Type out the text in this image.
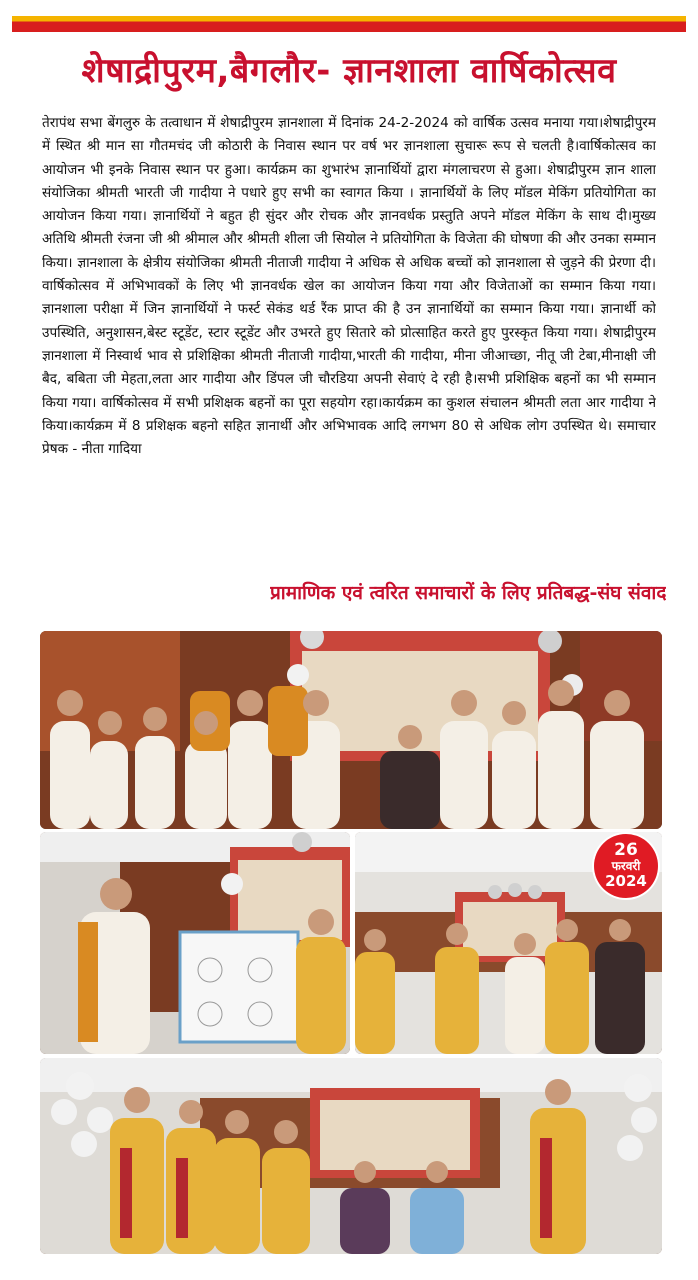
शेषाद्रीपुरम,बैगलौर- ज्ञानशाला वार्षिकोत्सव
तेरापंथ सभा बेंगलुरु के तत्वाधान में शेषाद्रीपुरम ज्ञानशाला में दिनांक 24-2-2024 को वार्षिक उत्सव मनाया गया।शेषाद्रीपुरम में स्थित श्री मान सा गौतमचंद जी कोठारी के निवास स्थान पर वर्ष भर ज्ञानशाला सुचारू रूप से चलती है।वार्षिकोत्सव का आयोजन भी इनके निवास स्थान पर हुआ। कार्यक्रम का शुभारंभ ज्ञानार्थियों द्वारा मंगलाचरण से हुआ। शेषाद्रीपुरम ज्ञान शाला संयोजिका श्रीमती भारती जी गादीया ने पधारे हुए सभी का स्वागत किया । ज्ञानार्थियों के लिए मॉडल मेकिंग प्रतियोगिता का आयोजन किया गया। ज्ञानार्थियों ने बहुत ही सुंदर और रोचक और ज्ञानवर्धक प्रस्तुति अपने मॉडल मेकिंग के साथ दी।मुख्य अतिथि श्रीमती रंजना जी श्री श्रीमाल और श्रीमती शीला जी सियोल ने प्रतियोगिता के विजेता की घोषणा की और उनका सम्मान किया। ज्ञानशाला के क्षेत्रीय संयोजिका श्रीमती नीताजी गादीया ने अधिक से अधिक बच्चों को ज्ञानशाला से जुड़ने की प्रेरणा दी।वार्षिकोत्सव में अभिभावकों के लिए भी ज्ञानवर्धक खेल का आयोजन किया गया और विजेताओं का सम्मान किया गया। ज्ञानशाला परीक्षा में जिन ज्ञानार्थियों ने फर्स्ट सेकंड थर्ड रैंक प्राप्त की है उन ज्ञानार्थियों का सम्मान किया गया। ज्ञानार्थी को उपस्थिति, अनुशासन,बेस्ट स्टूडेंट, स्टार स्टूडेंट और उभरते हुए सितारे को प्रोत्साहित करते हुए पुरस्कृत किया गया। शेषाद्रीपुरम ज्ञानशाला में निस्वार्थ भाव से प्रशिक्षिका श्रीमती नीताजी गादीया,भारती की गादीया, मीना जीआच्छा, नीतू जी टेबा,मीनाक्षी जी बैद, बबिता जी मेहता,लता आर गादीया और डिंपल जी चौरडिया अपनी सेवाएं दे रही है।सभी प्रशिक्षिक बहनों का भी सम्मान किया गया। वार्षिकोत्सव में सभी प्रशिक्षक बहनों का पूरा सहयोग रहा।कार्यक्रम का कुशल संचालन श्रीमती लता आर गादीया ने किया।कार्यक्रम में 8 प्रशिक्षक बहनो सहित ज्ञानार्थी और अभिभावक आदि लगभग 80 से अधिक लोग उपस्थित थे। समाचार प्रेषक - नीता गादिया
प्रामाणिक एवं त्वरित समाचारों के लिए प्रतिबद्ध-संघ संवाद
26
फरवरी
2024
